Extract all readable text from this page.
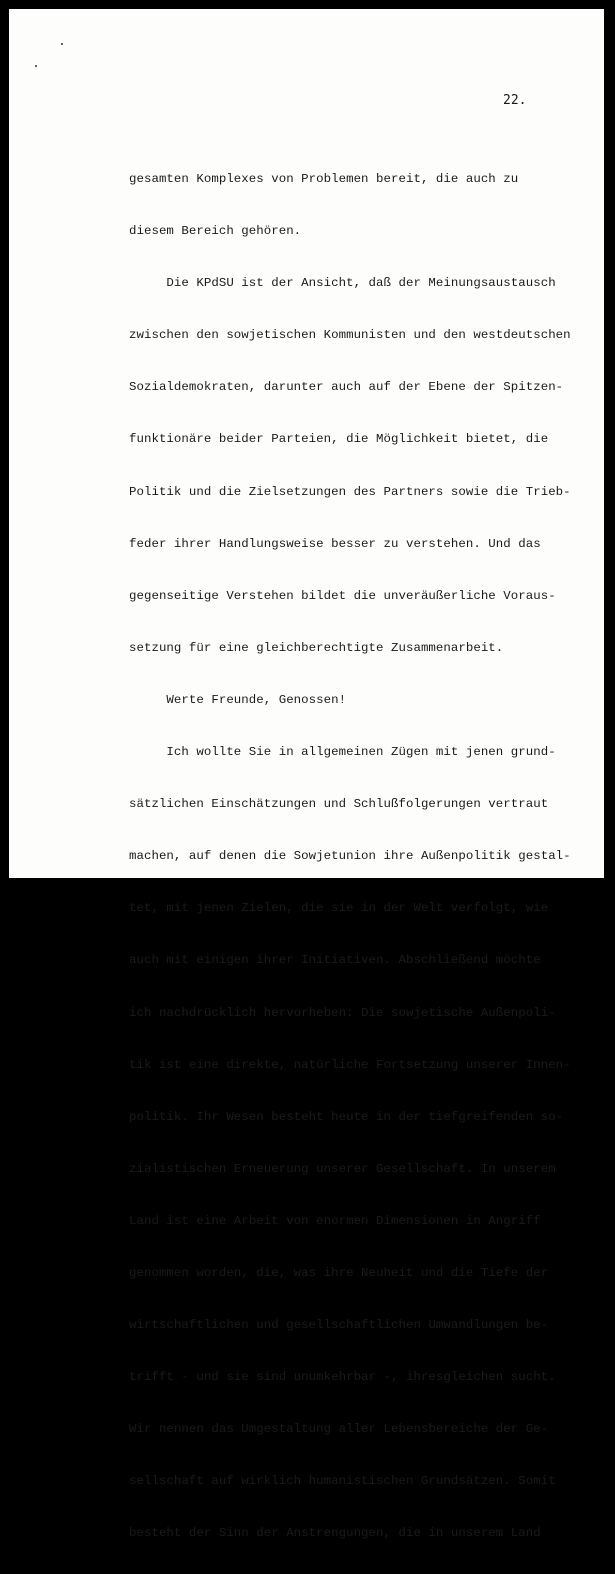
22.

gesamten Komplexes von Problemen bereit, die auch zu

diesem Bereich gehören.

Die KPdSU ist der Ansicht, daß der Meinungsaustausch

zwischen den sowjetischen Kommunisten und den westdeutschen

Sozialdemokraten, darunter auch auf der Ebene der Spitzen-

funktionäre beider Parteien, die Möglichkeit bietet, die

Politik und die Zielsetzungen des Partners sowie die Trieb-

feder ihrer Handlungsweise besser zu verstehen. Und das

gegenseitige Verstehen bildet die unveräußerliche Voraus-

setzung für eine gleichberechtigte Zusammenarbeit.

Werte Freunde, Genossen!

Ich wollte Sie in allgemeinen Zügen mit jenen grund-

sätzlichen Einschätzungen und Schlußfolgerungen vertraut

machen, auf denen die Sowjetunion ihre Außenpolitik gestal-

tet, mit jenen Zielen, die sie in der Welt verfolgt, wie

auch mit einigen ihrer Initiativen. Abschließend möchte

ich nachdrücklich hervorheben: Die sowjetische Außenpoli-

tik ist eine direkte, natürliche Fortsetzung unserer Innen-

politik. Ihr Wesen besteht heute in der tiefgreifenden so-

zialistischen Erneuerung unserer Gesellschaft. In unserem

Land ist eine Arbeit von enormen Dimensionen in Angriff

genommen worden, die, was ihre Neuheit und die Tiefe der

wirtschaftlichen und gesellschaftlichen Umwandlungen be-

trifft - und sie sind unumkehrbar -, ihresgleichen sucht.

Wir nennen das Umgestaltung aller Lebensbereiche der Ge-

sellschaft auf wirklich humanistischen Grundsätzen. Somit

besteht der Sinn der Anstrengungen, die in unserem Land
